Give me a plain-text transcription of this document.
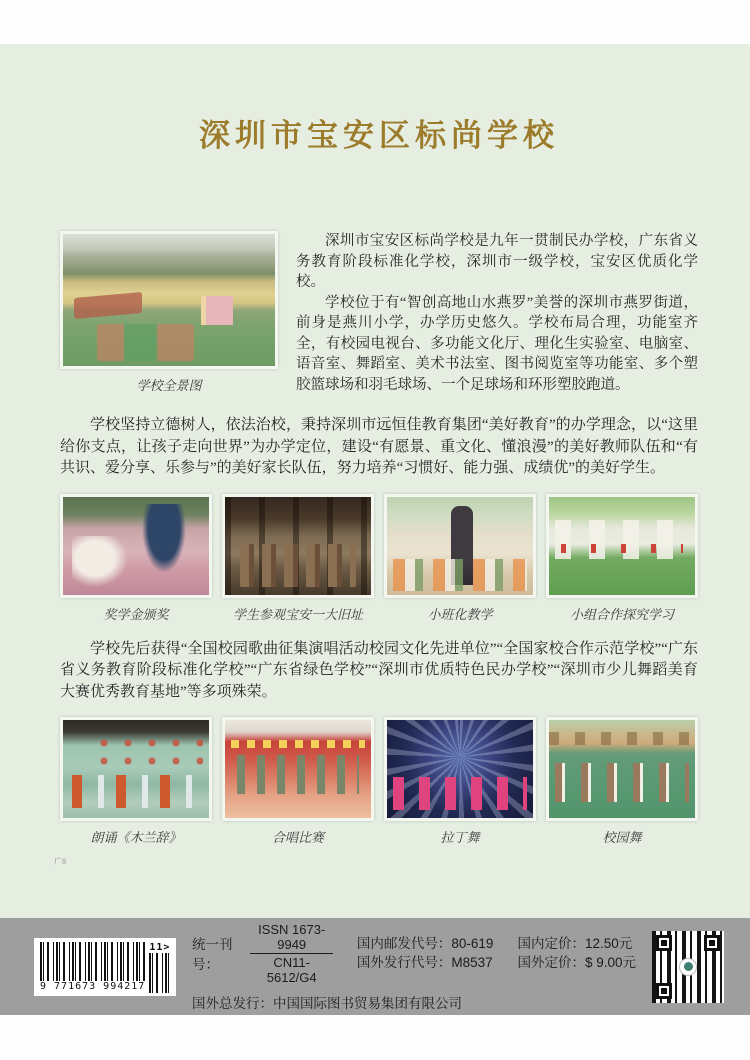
深圳市宝安区标尚学校
学校全景图

深圳市宝安区标尚学校是九年一贯制民办学校，广东省义务教育阶段标准化学校，深圳市一级学校，宝安区优质化学校。

学校位于有“智创高地山水燕罗”美誉的深圳市燕罗街道，前身是燕川小学，办学历史悠久。学校布局合理，功能室齐全，有校园电视台、多功能文化厅、理化生实验室、电脑室、语音室、舞蹈室、美术书法室、图书阅览室等功能室、多个塑胶篮球场和羽毛球场、一个足球场和环形塑胶跑道。

学校坚持立德树人，依法治校，秉持深圳市远恒佳教育集团“美好教育”的办学理念，以“这里给你支点，让孩子走向世界”为办学定位，建设“有愿景、重文化、懂浪漫”的美好教师队伍和“有共识、爱分享、乐参与”的美好家长队伍，努力培养“习惯好、能力强、成绩优”的美好学生。

奖学金颁奖	学生参观宝安一大旧址	小班化教学	小组合作探究学习

学校先后获得“全国校园歌曲征集演唱活动校园文化先进单位”“全国家校合作示范学校”“广东省义务教育阶段标准化学校”“广东省绿色学校”“深圳市优质特色民办学校”“深圳市少儿舞蹈美育大赛优秀教育基地”等多项殊荣。

朗诵《木兰辞》	合唱比赛	拉丁舞	校园舞
广8
9 771673 994217
11> 统一刊号：	$\frac{\text{ISSN 1673-9949}}{CN11-5612/G4}$ 国内邮发代号：80-619
国外发行代号：M8537
国内定价：12.50元
国外定价：$ 9.00元
国外总发行：中国国际图书贸易集团有限公司
